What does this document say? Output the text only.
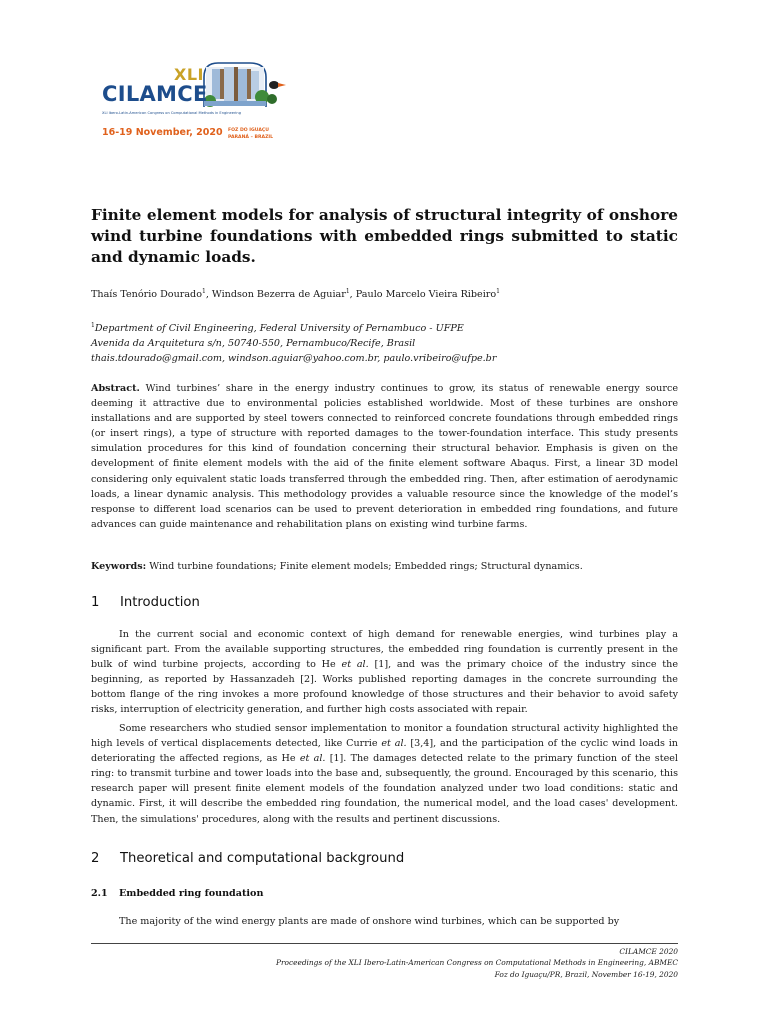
XLI
CILAMCE
XLI Ibero-Latin-American Congress on Computational Methods in Engineering
16-19 November, 2020 FOZ DO IGUAÇU
PARANÁ – BRAZIL
Finite element models for analysis of structural integrity of onshore wind turbine foundations with embedded rings submitted to static and dynamic loads.
Thaís Tenório Dourado$^1$, Windson Bezerra de Aguiar$^1$, Paulo Marcelo Vieira Ribeiro$^1$
$^1$Department of Civil Engineering, Federal University of Pernambuco - UFPE
Avenida da Arquitetura s/n, 50740-550, Pernambuco/Recife, Brasil
thais.tdourado@gmail.com, windson.aguiar@yahoo.com.br, paulo.vribeiro@ufpe.br
Abstract. Wind turbines’ share in the energy industry continues to grow, its status of renewable energy source deeming it attractive due to environmental policies established worldwide. Most of these turbines are onshore installations and are supported by steel towers connected to reinforced concrete foundations through embedded rings (or insert rings), a type of structure with reported damages to the tower-foundation interface. This study presents simulation procedures for this kind of foundation concerning their structural behavior. Emphasis is given on the development of finite element models with the aid of the finite element software Abaqus. First, a linear 3D model considering only equivalent static loads transferred through the embedded ring. Then, after estimation of aerodynamic loads, a linear dynamic analysis. This methodology provides a valuable resource since the knowledge of the model’s response to different load scenarios can be used to prevent deterioration in embedded ring foundations, and future advances can guide maintenance and rehabilitation plans on existing wind turbine farms.
Keywords: Wind turbine foundations; Finite element models; Embedded rings; Structural dynamics.
1 Introduction
In the current social and economic context of high demand for renewable energies, wind turbines play a significant part. From the available supporting structures, the embedded ring foundation is currently present in the bulk of wind turbine projects, according to He et al. [1], and was the primary choice of the industry since the beginning, as reported by Hassanzadeh [2]. Works published reporting damages in the concrete surrounding the bottom flange of the ring invokes a more profound knowledge of those structures and their behavior to avoid safety risks, interruption of electricity generation, and further high costs associated with repair.
Some researchers who studied sensor implementation to monitor a foundation structural activity highlighted the high levels of vertical displacements detected, like Currie et al. [3,4], and the participation of the cyclic wind loads in deteriorating the affected regions, as He et al. [1]. The damages detected relate to the primary function of the steel ring: to transmit turbine and tower loads into the base and, subsequently, the ground. Encouraged by this scenario, this research paper will present finite element models of the foundation analyzed under two load conditions: static and dynamic. First, it will describe the embedded ring foundation, the numerical model, and the load cases' development. Then, the simulations' procedures, along with the results and pertinent discussions.
2 Theoretical and computational background
2.1 Embedded ring foundation
The majority of the wind energy plants are made of onshore wind turbines, which can be supported by
CILAMCE 2020
Proceedings of the XLI Ibero-Latin-American Congress on Computational Methods in Engineering, ABMEC
Foz do Iguaçu/PR, Brazil, November 16-19, 2020
